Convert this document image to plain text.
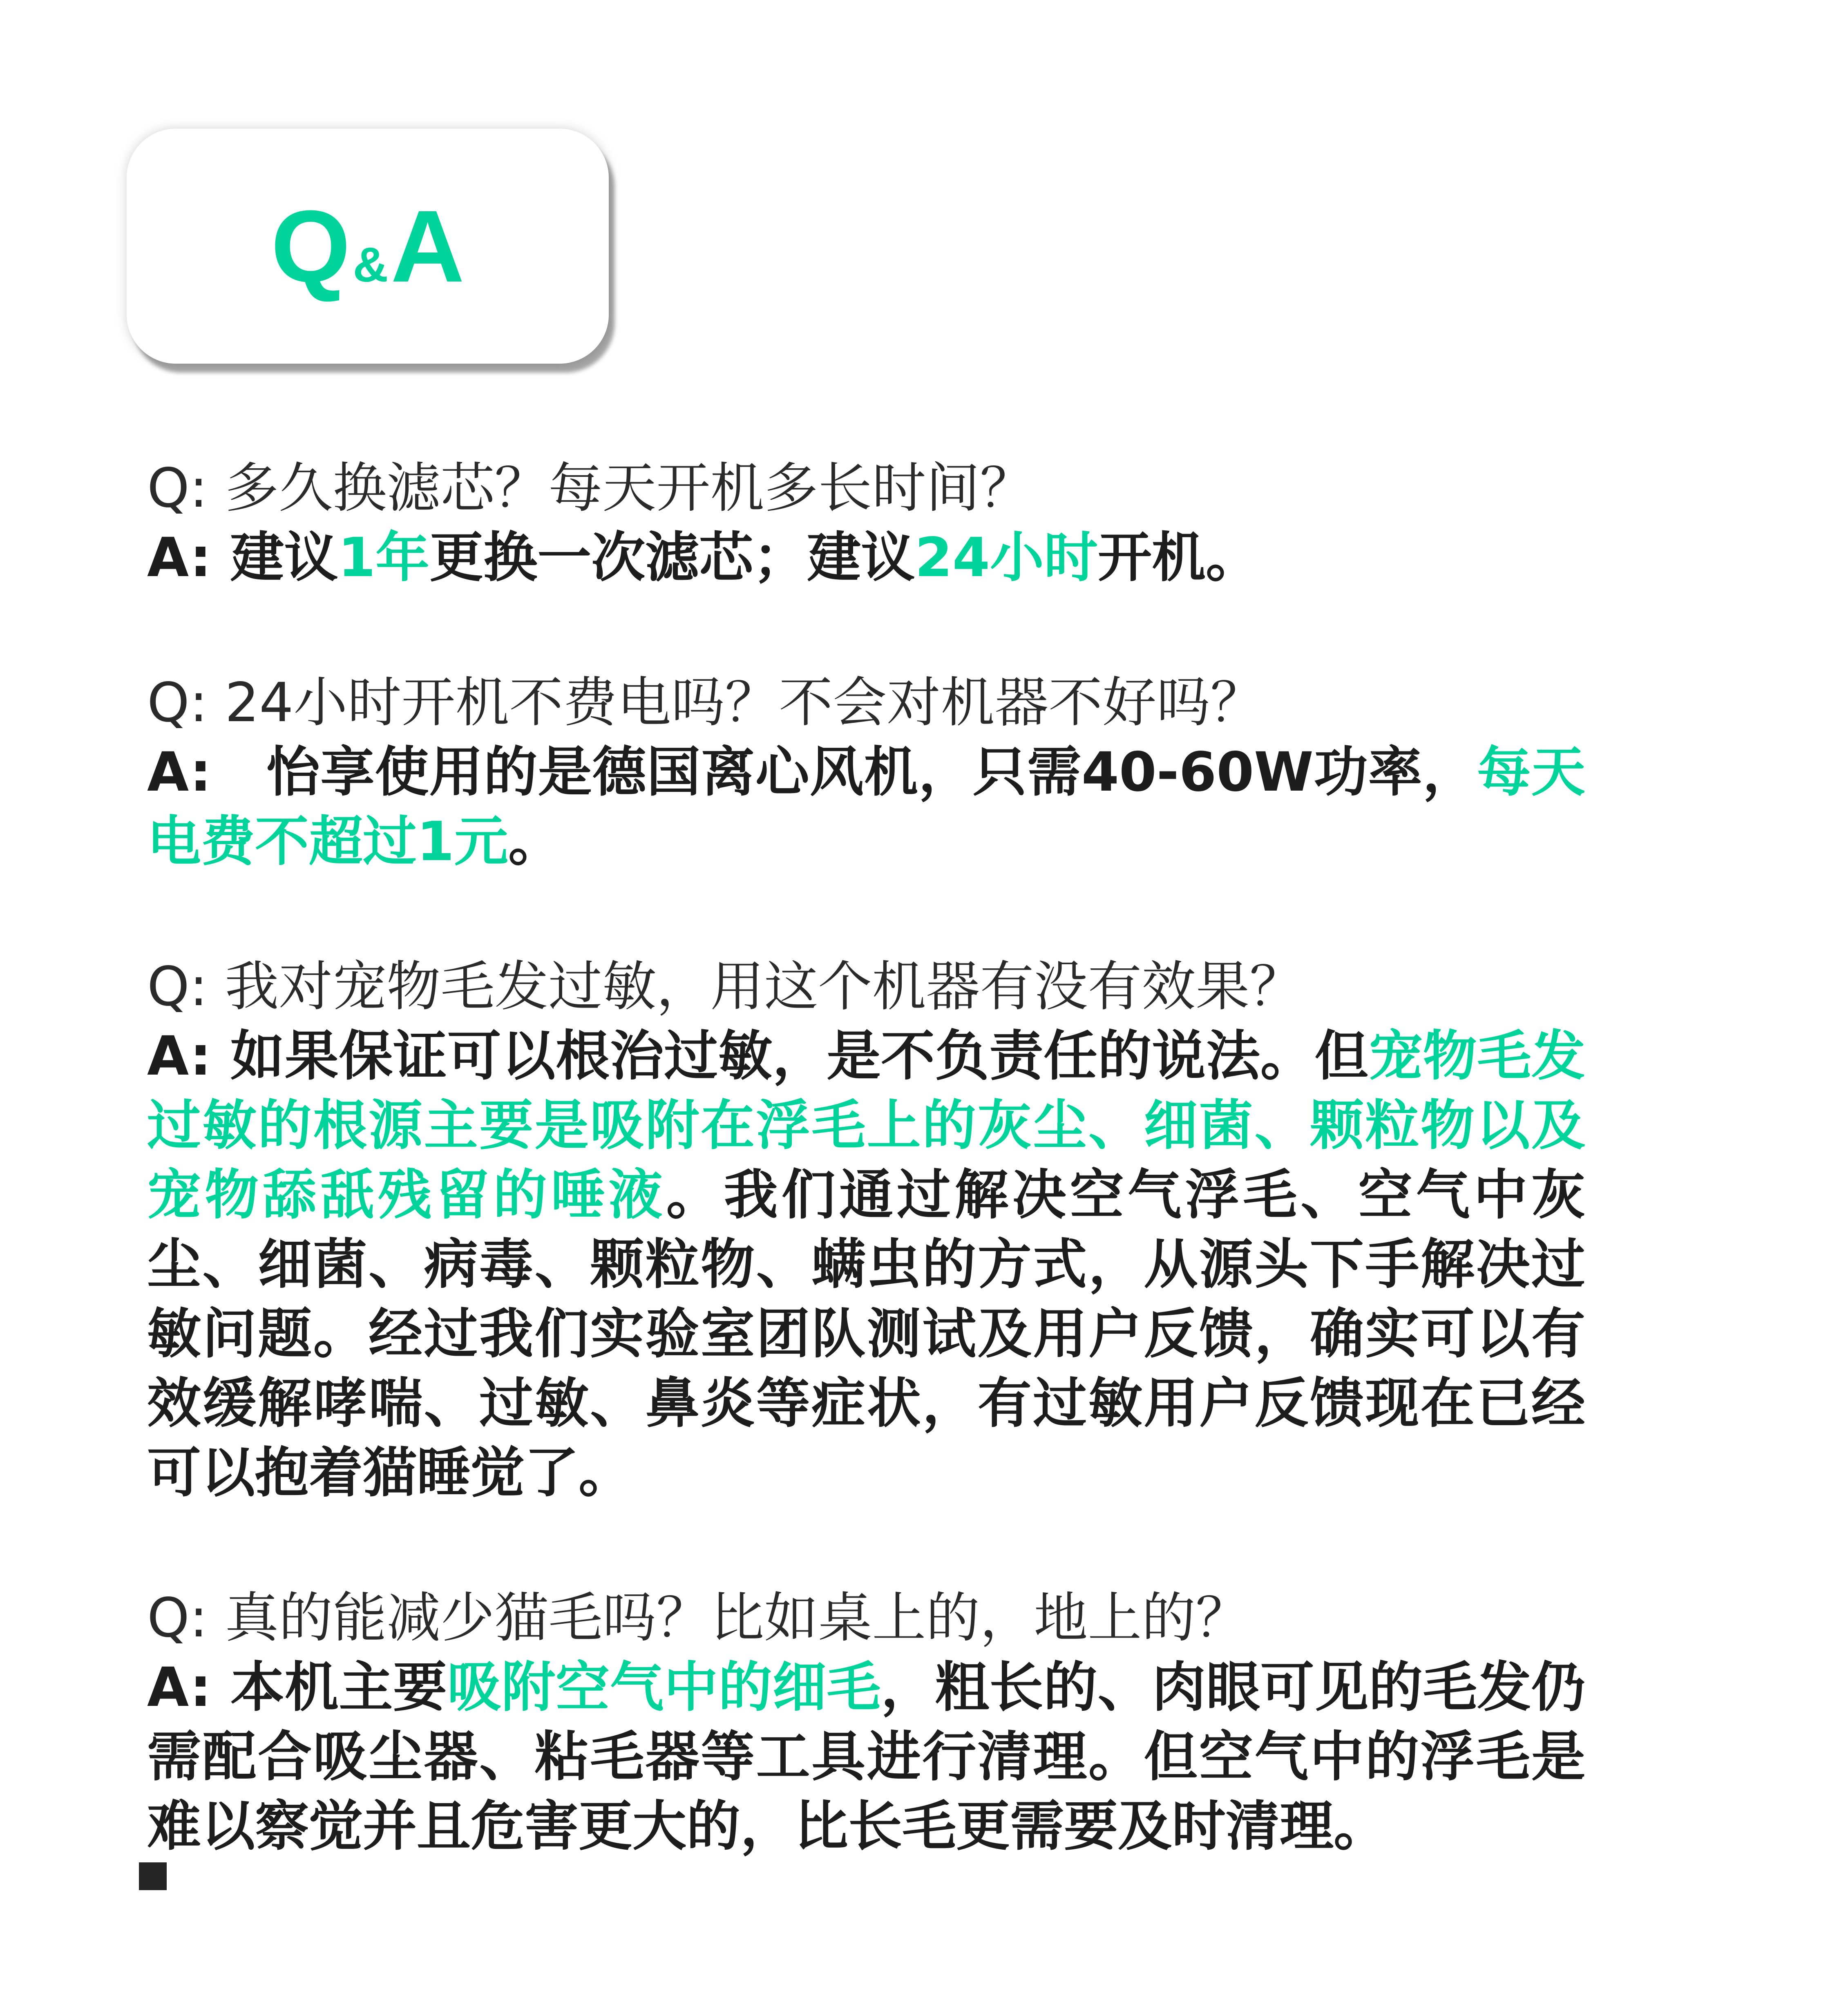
Q & A

Q: 多久换滤芯？每天开机多长时间？

A: 建议1年更换一次滤芯；建议24小时开机。

Q: 24小时开机不费电吗？不会对机器不好吗？

A:　怡享使用的是德国离心风机，只需40-60W功率，每天电费不超过1元。

Q: 我对宠物毛发过敏，用这个机器有没有效果？

A: 如果保证可以根治过敏，是不负责任的说法。但宠物毛发过敏的根源主要是吸附在浮毛上的灰尘、细菌、颗粒物以及宠物舔舐残留的唾液。我们通过解决空气浮毛、空气中灰尘、细菌、病毒、颗粒物、螨虫的方式，从源头下手解决过敏问题。经过我们实验室团队测试及用户反馈，确实可以有效缓解哮喘、过敏、鼻炎等症状，有过敏用户反馈现在已经可以抱着猫睡觉了。

Q: 真的能减少猫毛吗？比如桌上的，地上的？

A: 本机主要吸附空气中的细毛，粗长的、肉眼可见的毛发仍需配合吸尘器、粘毛器等工具进行清理。但空气中的浮毛是难以察觉并且危害更大的，比长毛更需要及时清理。
